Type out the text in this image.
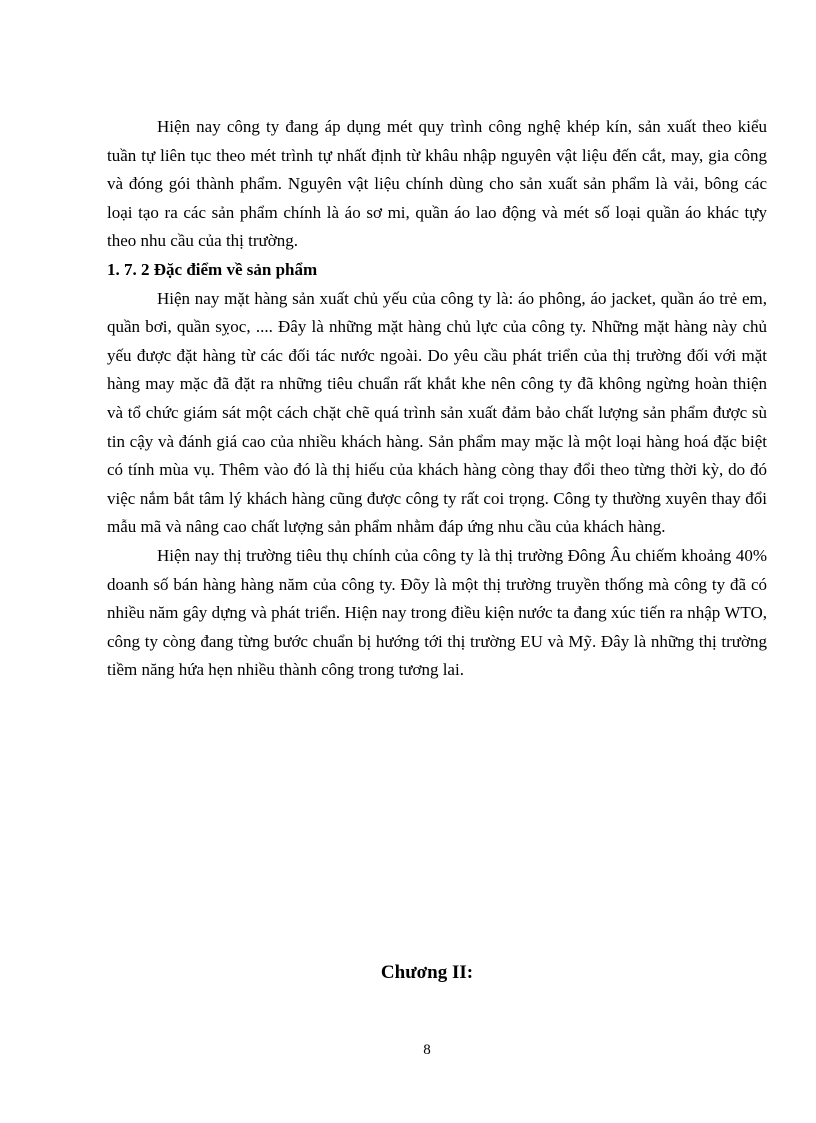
Hiện nay công ty đang áp dụng mét quy trình công nghệ khép kín, sản xuất theo kiểu tuần tự liên tục theo mét trình tự nhất định từ khâu nhập nguyên vật liệu đến cắt, may, gia công và đóng gói thành phẩm. Nguyên vật liệu chính dùng cho sản xuất sản phẩm là vải, bông các loại tạo ra các sản phẩm chính là áo sơ mi, quần áo lao động và mét số loại quần áo khác tựy theo nhu cầu của thị trường.

1. 7. 2 Đặc điểm về sản phẩm

Hiện nay mặt hàng sản xuất chủ yếu của công ty là: áo phông, áo jacket, quần áo trẻ em, quần bơi, quần sỵoc, .... Đây là những mặt hàng chủ lực của công ty. Những mặt hàng này chủ yếu được đặt hàng từ các đối tác nước ngoài. Do yêu cầu phát triển của thị trường đối với mặt hàng may mặc đã đặt ra những tiêu chuẩn rất khắt khe nên công ty đã không ngừng hoàn thiện và tổ chức giám sát một cách chặt chẽ quá trình sản xuất đảm bảo chất lượng sản phẩm được sù tin cậy và đánh giá cao của nhiều khách hàng. Sản phẩm may mặc là một loại hàng hoá đặc biệt có tính mùa vụ. Thêm vào đó là thị hiếu của khách hàng còng thay đổi theo từng thời kỳ, do đó việc nắm bắt tâm lý khách hàng cũng được công ty rất coi trọng. Công ty thường xuyên thay đổi mẫu mã và nâng cao chất lượng sản phẩm nhằm đáp ứng nhu cầu của khách hàng.

Hiện nay thị trường tiêu thụ chính của công ty là thị trường Đông Âu chiếm khoảng 40% doanh số bán hàng hàng năm của công ty. Đõy là một thị trường truyền thống mà công ty đã có nhiều năm gây dựng và phát triển. Hiện nay trong điều kiện nước ta đang xúc tiến ra nhập WTO, công ty còng đang từng bước chuẩn bị hướng tới thị trường EU và Mỹ. Đây là những thị trường tiềm năng hứa hẹn nhiều thành công trong tương lai.

Chương II:
8
